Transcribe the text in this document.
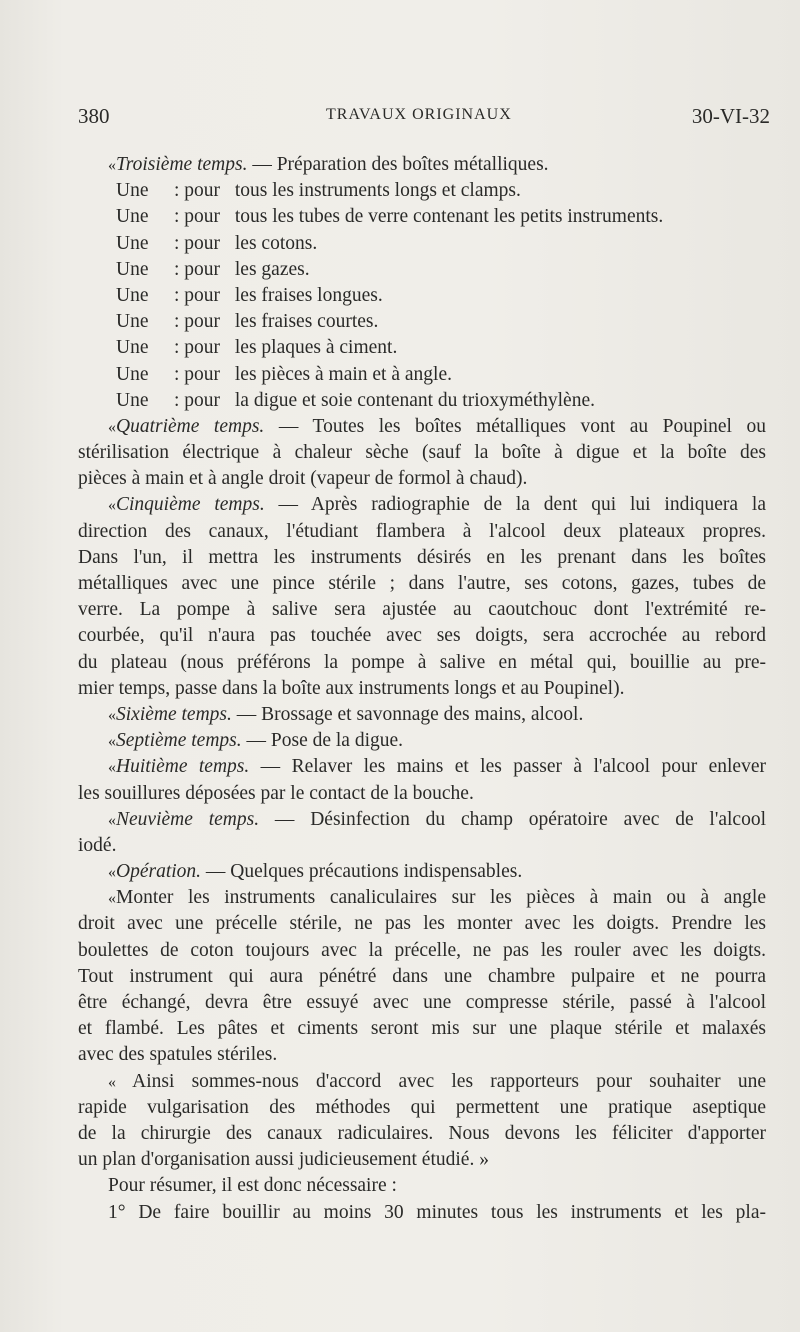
380	TRAVAUX ORIGINAUX	30-VI-32
«Troisième temps. — Préparation des boîtes métalliques.
Une : pour tous les instruments longs et clamps.
Une : pour tous les tubes de verre contenant les petits instruments.
Une : pour les cotons.
Une : pour les gazes.
Une : pour les fraises longues.
Une : pour les fraises courtes.
Une : pour les plaques à ciment.
Une : pour les pièces à main et à angle.
Une : pour la digue et soie contenant du trioxyméthylène.
«Quatrième temps. — Toutes les boîtes métalliques vont au Poupinel ou
stérilisation électrique à chaleur sèche (sauf la boîte à digue et la boîte des
pièces à main et à angle droit (vapeur de formol à chaud).
«Cinquième temps. — Après radiographie de la dent qui lui indiquera la
direction des canaux, l'étudiant flambera à l'alcool deux plateaux propres.
Dans l'un, il mettra les instruments désirés en les prenant dans les boîtes
métalliques avec une pince stérile ; dans l'autre, ses cotons, gazes, tubes de
verre. La pompe à salive sera ajustée au caoutchouc dont l'extrémité re-
courbée, qu'il n'aura pas touchée avec ses doigts, sera accrochée au rebord
du plateau (nous préférons la pompe à salive en métal qui, bouillie au pre-
mier temps, passe dans la boîte aux instruments longs et au Poupinel).
«Sixième temps. — Brossage et savonnage des mains, alcool.
«Septième temps. — Pose de la digue.
«Huitième temps. — Relaver les mains et les passer à l'alcool pour enlever
les souillures déposées par le contact de la bouche.
«Neuvième temps. — Désinfection du champ opératoire avec de l'alcool
iodé.
«Opération. — Quelques précautions indispensables.
«Monter les instruments canaliculaires sur les pièces à main ou à angle
droit avec une précelle stérile, ne pas les monter avec les doigts. Prendre les
boulettes de coton toujours avec la précelle, ne pas les rouler avec les doigts.
Tout instrument qui aura pénétré dans une chambre pulpaire et ne pourra
être échangé, devra être essuyé avec une compresse stérile, passé à l'alcool
et flambé. Les pâtes et ciments seront mis sur une plaque stérile et malaxés
avec des spatules stériles.
« Ainsi sommes-nous d'accord avec les rapporteurs pour souhaiter une
rapide vulgarisation des méthodes qui permettent une pratique aseptique
de la chirurgie des canaux radiculaires. Nous devons les féliciter d'apporter
un plan d'organisation aussi judicieusement étudié. »
Pour résumer, il est donc nécessaire :
1° De faire bouillir au moins 30 minutes tous les instruments et les pla-
